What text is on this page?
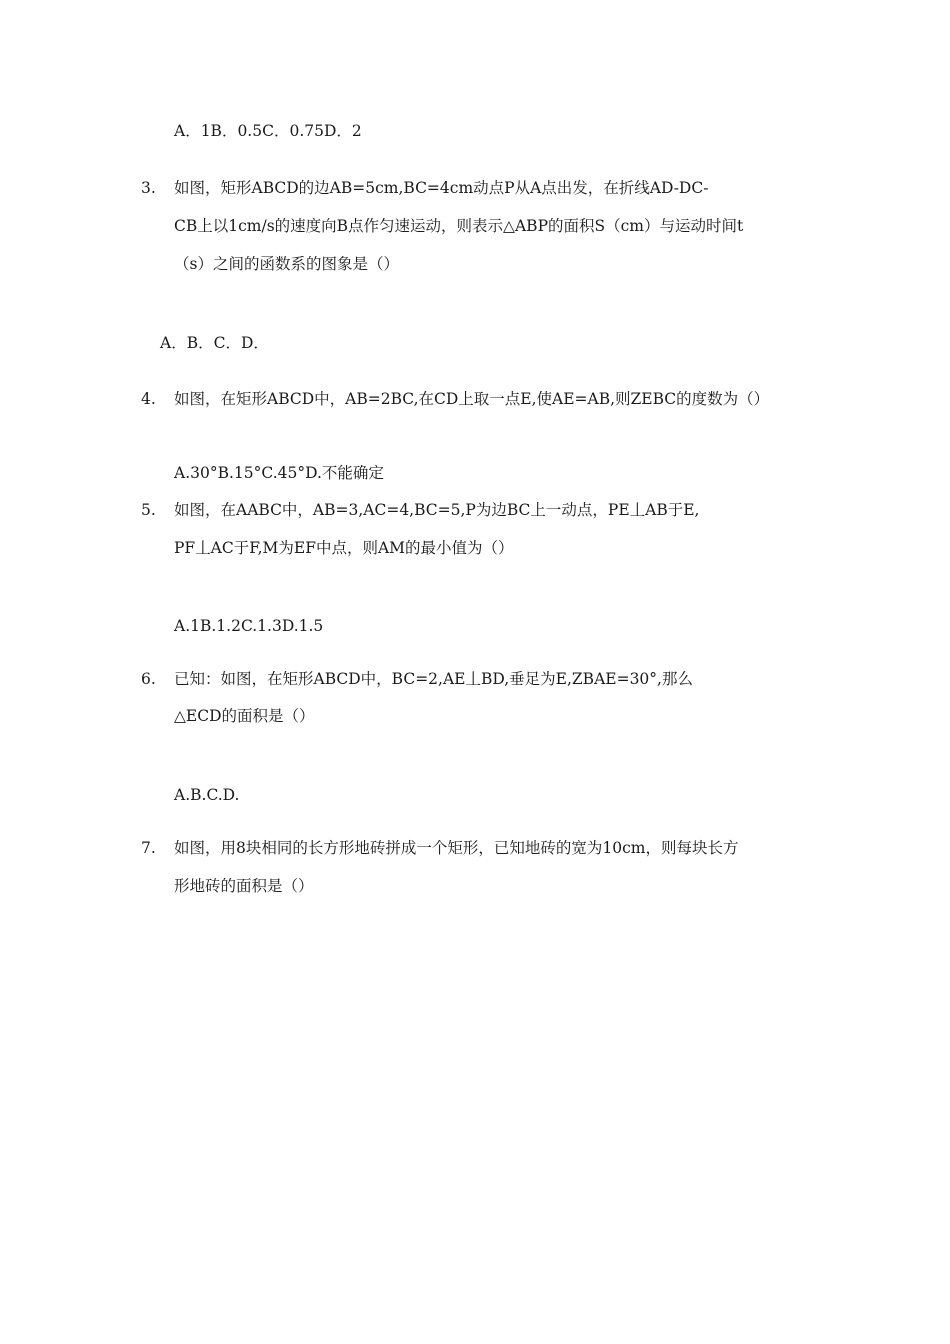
A．1B．0.5C．0.75D．2
3. 如图，矩形ABCD的边AB=5cm,BC=4cm动点P从A点出发，在折线AD-DC-
CB上以1cm/s的速度向B点作匀速运动，则表示△ABP的面积S（cm）与运动时间t
（s）之间的函数系的图象是（）
A．B．C．D．
4. 如图，在矩形ABCD中，AB=2BC,在CD上取一点E,使AE=AB,则ZEBC的度数为（）
A.30°B.15°C.45°D.不能确定
5. 如图，在AABC中，AB=3,AC=4,BC=5,P为边BC上一动点，PE丄AB于E,
PF丄AC于F,M为EF中点，则AM的最小值为（）
A.1B.1.2C.1.3D.1.5
6. 已知：如图，在矩形ABCD中，BC=2,AE丄BD,垂足为E,ZBAE=30°,那么
△ECD的面积是（）
A.B.C.D.
7. 如图，用8块相同的长方形地砖拼成一个矩形，已知地砖的宽为10cm，则每块长方
形地砖的面积是（）
